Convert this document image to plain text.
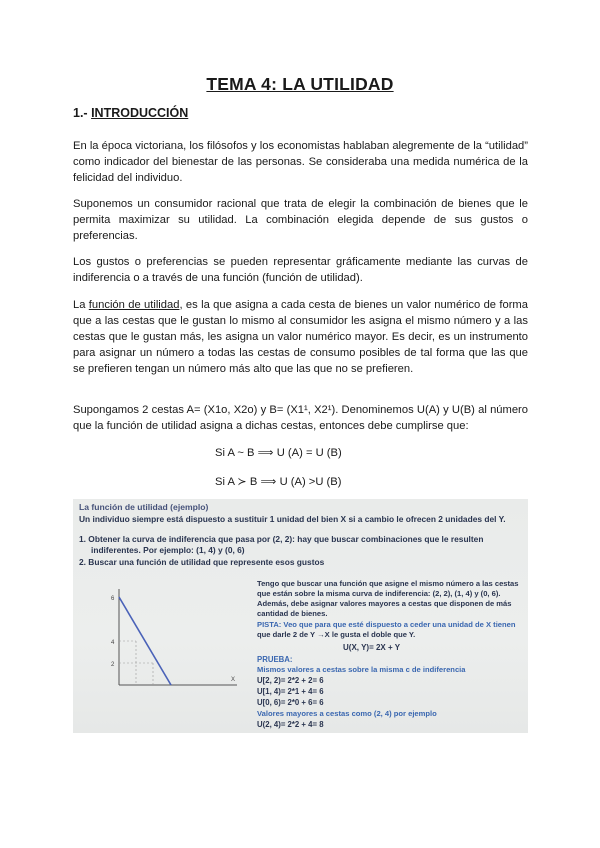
TEMA 4: LA UTILIDAD
1.- INTRODUCCIÓN
En la época victoriana, los filósofos y los economistas hablaban alegremente de la “utilidad” como indicador del bienestar de las personas. Se consideraba una medida numérica de la felicidad del individuo.
Suponemos un consumidor racional que trata de elegir la combinación de bienes que le permita maximizar su utilidad. La combinación elegida depende de sus gustos o preferencias.
Los gustos o preferencias se pueden representar gráficamente mediante las curvas de indiferencia o a través de una función (función de utilidad).
La función de utilidad, es la que asigna a cada cesta de bienes un valor numérico de forma que a las cestas que le gustan lo mismo al consumidor les asigna el mismo número y a las cestas que le gustan más, les asigna un valor numérico mayor. Es decir, es un instrumento para asignar un número a todas las cestas de consumo posibles de tal forma que las que se prefieren tengan un número más alto que las que no se prefieren.
Supongamos 2 cestas A= (X1o, X2o) y B= (X1¹, X2¹). Denominemos U(A) y U(B) al número que la función de utilidad asigna a dichas cestas, entonces debe cumplirse que:
Si A ~ B ⟹ U (A) = U (B)
Si A ≻ B ⟹ U (A) >U (B)
La función de utilidad (ejemplo)
Un individuo siempre está dispuesto a sustituir 1 unidad del bien X si a cambio le ofrecen 2 unidades del Y.
1. Obtener la curva de indiferencia que pasa por (2, 2): hay que buscar combinaciones que le resulten
indiferentes. Por ejemplo: (1, 4) y (0, 6)
2. Buscar una función de utilidad que represente esos gustos
6
4
2
X
Tengo que buscar una función que asigne el mismo número a las cestas
que están sobre la misma curva de indiferencia: (2, 2), (1, 4) y (0, 6).
Además, debe asignar valores mayores a cestas que disponen de más
cantidad de bienes.
PISTA: Veo que para que esté dispuesto a ceder una unidad de X tienen
que darle 2 de Y →X le gusta el doble que Y.
U(X, Y)= 2X + Y
PRUEBA:
Mismos valores a cestas sobre la misma c de indiferencia
U[2, 2)= 2*2 + 2= 6
U[1, 4)= 2*1 + 4= 6
U[0, 6)= 2*0 + 6= 6
Valores mayores a cestas como (2, 4) por ejemplo
U(2, 4)= 2*2 + 4= 8
